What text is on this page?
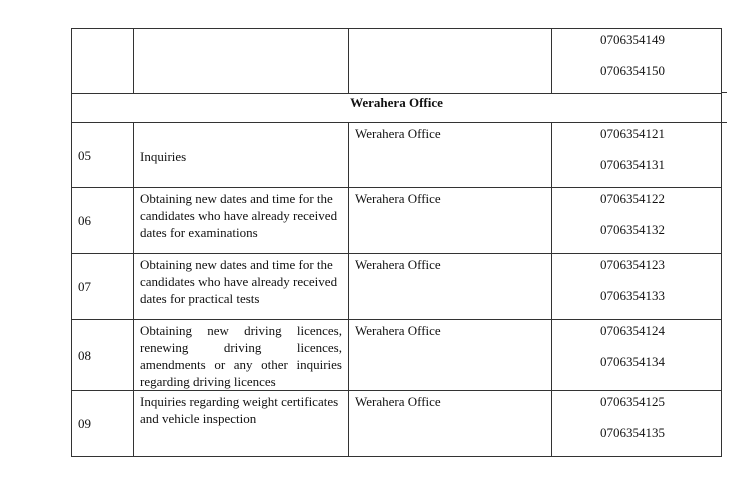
			0706354149
0706354150

Werahera Office			
05	Inquiries	Werahera Office	0706354121
0706354131

06	Obtaining new dates and time for the candidates who have already received dates for examinations	Werahera Office	0706354122
0706354132

07	Obtaining new dates and time for the candidates who have already received dates for practical tests	Werahera Office	0706354123
0706354133

08	Obtaining new driving licences, renewing driving licences, amendments or any other inquiries regarding driving licences	Werahera Office	0706354124
0706354134

09	Inquiries regarding weight certificates and vehicle inspection	Werahera Office	0706354125
0706354135
